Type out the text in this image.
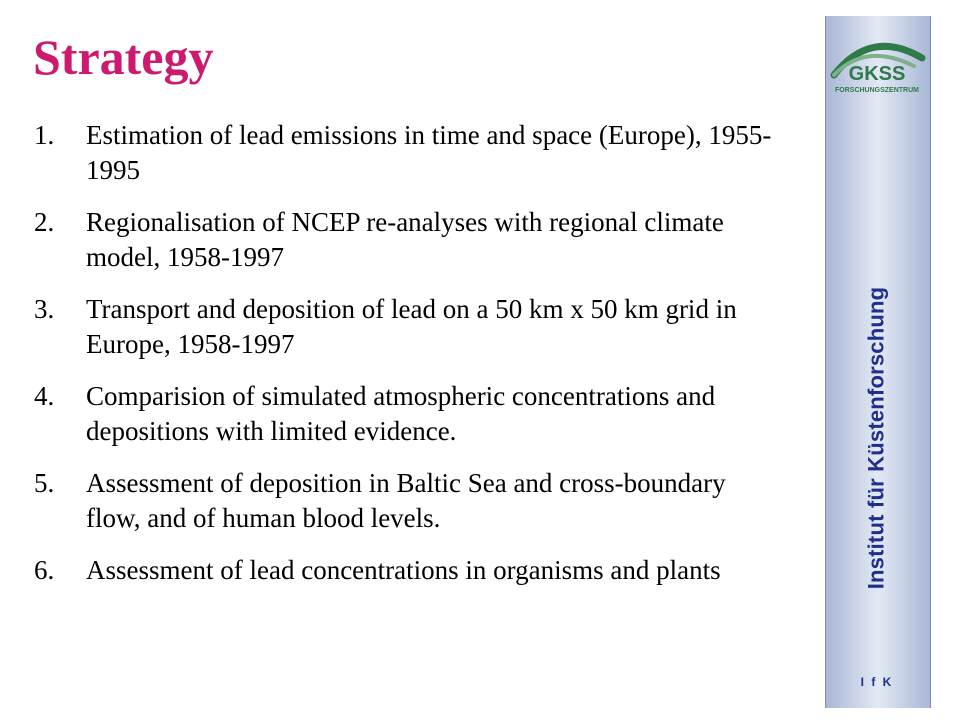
Strategy
1.	Estimation of lead emissions in time and space (Europe), 1955-1995
2.	Regionalisation of NCEP re-analyses with regional climate model, 1958-1997
3.	Transport and deposition of lead on a 50 km x 50 km grid in Europe, 1958-1997
4.	Comparision of simulated atmospheric concentrations and depositions with limited evidence.
5.	Assessment of deposition in Baltic Sea and cross-boundary flow, and of human blood levels.
6.	Assessment of lead concentrations in organisms and plants
GKSS
FORSCHUNGSZENTRUM
Institut für Küstenforschung
I f K
